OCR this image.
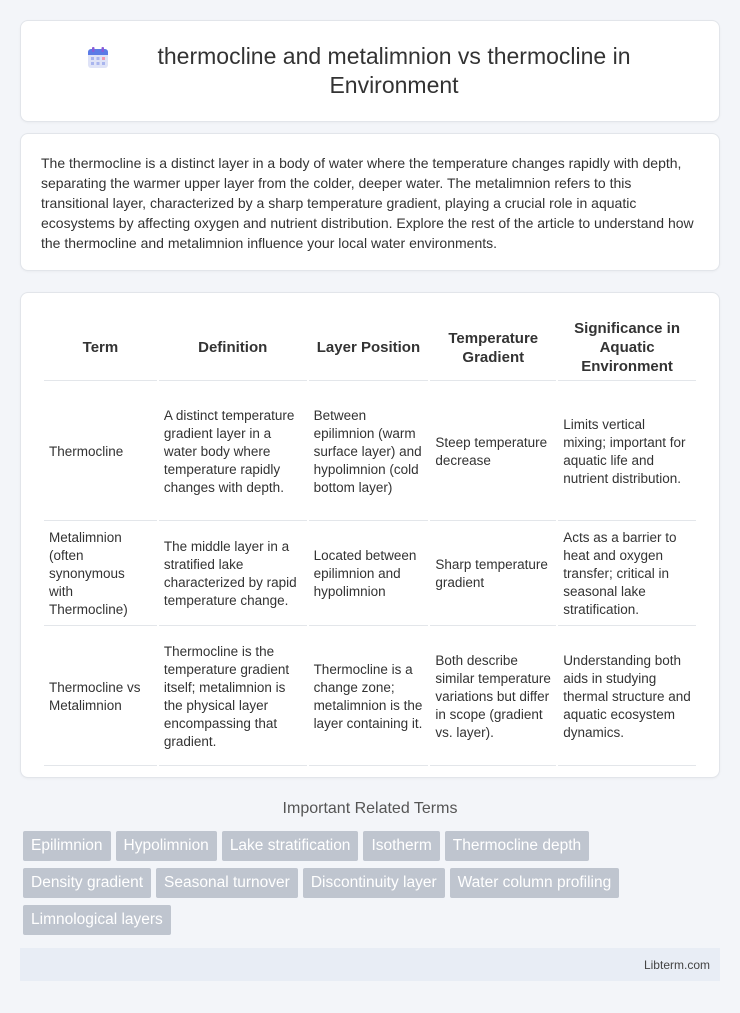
thermocline and metalimnion vs thermocline in Environment

The thermocline is a distinct layer in a body of water where the temperature changes rapidly with depth, separating the warmer upper layer from the colder, deeper water. The metalimnion refers to this transitional layer, characterized by a sharp temperature gradient, playing a crucial role in aquatic ecosystems by affecting oxygen and nutrient distribution. Explore the rest of the article to understand how the thermocline and metalimnion influence your local water environments.

Term	Definition	Layer Position	Temperature Gradient	Significance in Aquatic Environment
Thermocline	A distinct temperature gradient layer in a water body where temperature rapidly changes with depth.	Between epilimnion (warm surface layer) and hypolimnion (cold bottom layer)	Steep temperature decrease	Limits vertical mixing; important for aquatic life and nutrient distribution.
Metalimnion (often synonymous with Thermocline)	The middle layer in a stratified lake characterized by rapid temperature change.	Located between epilimnion and hypolimnion	Sharp temperature gradient	Acts as a barrier to heat and oxygen transfer; critical in seasonal lake stratification.
Thermocline vs Metalimnion	Thermocline is the temperature gradient itself; metalimnion is the physical layer encompassing that gradient.	Thermocline is a change zone; metalimnion is the layer containing it.	Both describe similar temperature variations but differ in scope (gradient vs. layer).	Understanding both aids in studying thermal structure and aquatic ecosystem dynamics.
Important Related Terms
Epilimnion	Hypolimnion	Lake stratification	Isotherm	Thermocline depth
Density gradient	Seasonal turnover	Discontinuity layer	Water column profiling
Limnological layers
Libterm.com
